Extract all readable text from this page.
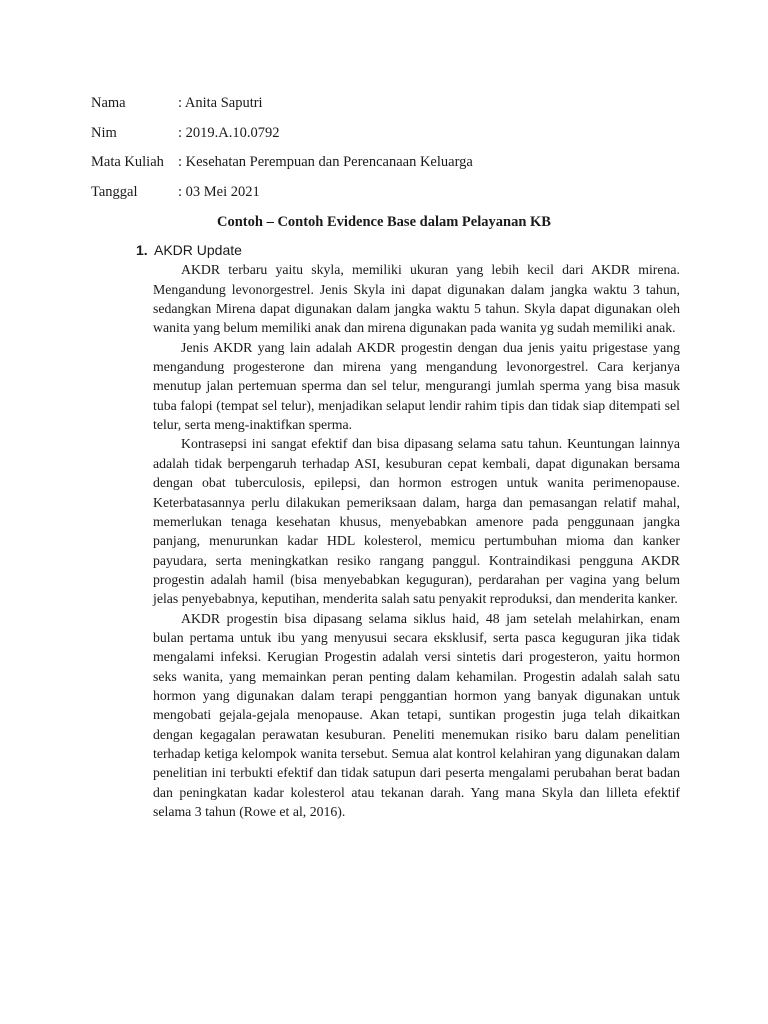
Nama	: Anita Saputri
Nim	: 2019.A.10.0792
Mata Kuliah : Kesehatan Perempuan dan Perencanaan Keluarga
Tanggal	: 03 Mei 2021
Contoh – Contoh Evidence Base dalam Pelayanan KB
1. AKDR Update

AKDR terbaru yaitu skyla, memiliki ukuran yang lebih kecil dari AKDR mirena. Mengandung levonorgestrel. Jenis Skyla ini dapat digunakan dalam jangka waktu 3 tahun, sedangkan Mirena dapat digunakan dalam jangka waktu 5 tahun. Skyla dapat digunakan oleh wanita yang belum memiliki anak dan mirena digunakan pada wanita yg sudah memiliki anak.

Jenis AKDR yang lain adalah AKDR progestin dengan dua jenis yaitu prigestase yang mengandung progesterone dan mirena yang mengandung levonorgestrel. Cara kerjanya menutup jalan pertemuan sperma dan sel telur, mengurangi jumlah sperma yang bisa masuk tuba falopi (tempat sel telur), menjadikan selaput lendir rahim tipis dan tidak siap ditempati sel telur, serta meng-inaktifkan sperma.

Kontrasepsi ini sangat efektif dan bisa dipasang selama satu tahun. Keuntungan lainnya adalah tidak berpengaruh terhadap ASI, kesuburan cepat kembali, dapat digunakan bersama dengan obat tuberculosis, epilepsi, dan hormon estrogen untuk wanita perimenopause. Keterbatasannya perlu dilakukan pemeriksaan dalam, harga dan pemasangan relatif mahal, memerlukan tenaga kesehatan khusus, menyebabkan amenore pada penggunaan jangka panjang, menurunkan kadar HDL kolesterol, memicu pertumbuhan mioma dan kanker payudara, serta meningkatkan resiko rangang panggul. Kontraindikasi pengguna AKDR progestin adalah hamil (bisa menyebabkan keguguran), perdarahan per vagina yang belum jelas penyebabnya, keputihan, menderita salah satu penyakit reproduksi, dan menderita kanker.

AKDR progestin bisa dipasang selama siklus haid, 48 jam setelah melahirkan, enam bulan pertama untuk ibu yang menyusui secara eksklusif, serta pasca keguguran jika tidak mengalami infeksi. Kerugian Progestin adalah versi sintetis dari progesteron, yaitu hormon seks wanita, yang memainkan peran penting dalam kehamilan. Progestin adalah salah satu hormon yang digunakan dalam terapi penggantian hormon yang banyak digunakan untuk mengobati gejala-gejala menopause. Akan tetapi, suntikan progestin juga telah dikaitkan dengan kegagalan perawatan kesuburan. Peneliti menemukan risiko baru dalam penelitian terhadap ketiga kelompok wanita tersebut. Semua alat kontrol kelahiran yang digunakan dalam penelitian ini terbukti efektif dan tidak satupun dari peserta mengalami perubahan berat badan dan peningkatan kadar kolesterol atau tekanan darah. Yang mana Skyla dan lilleta efektif selama 3 tahun (Rowe et al, 2016).
